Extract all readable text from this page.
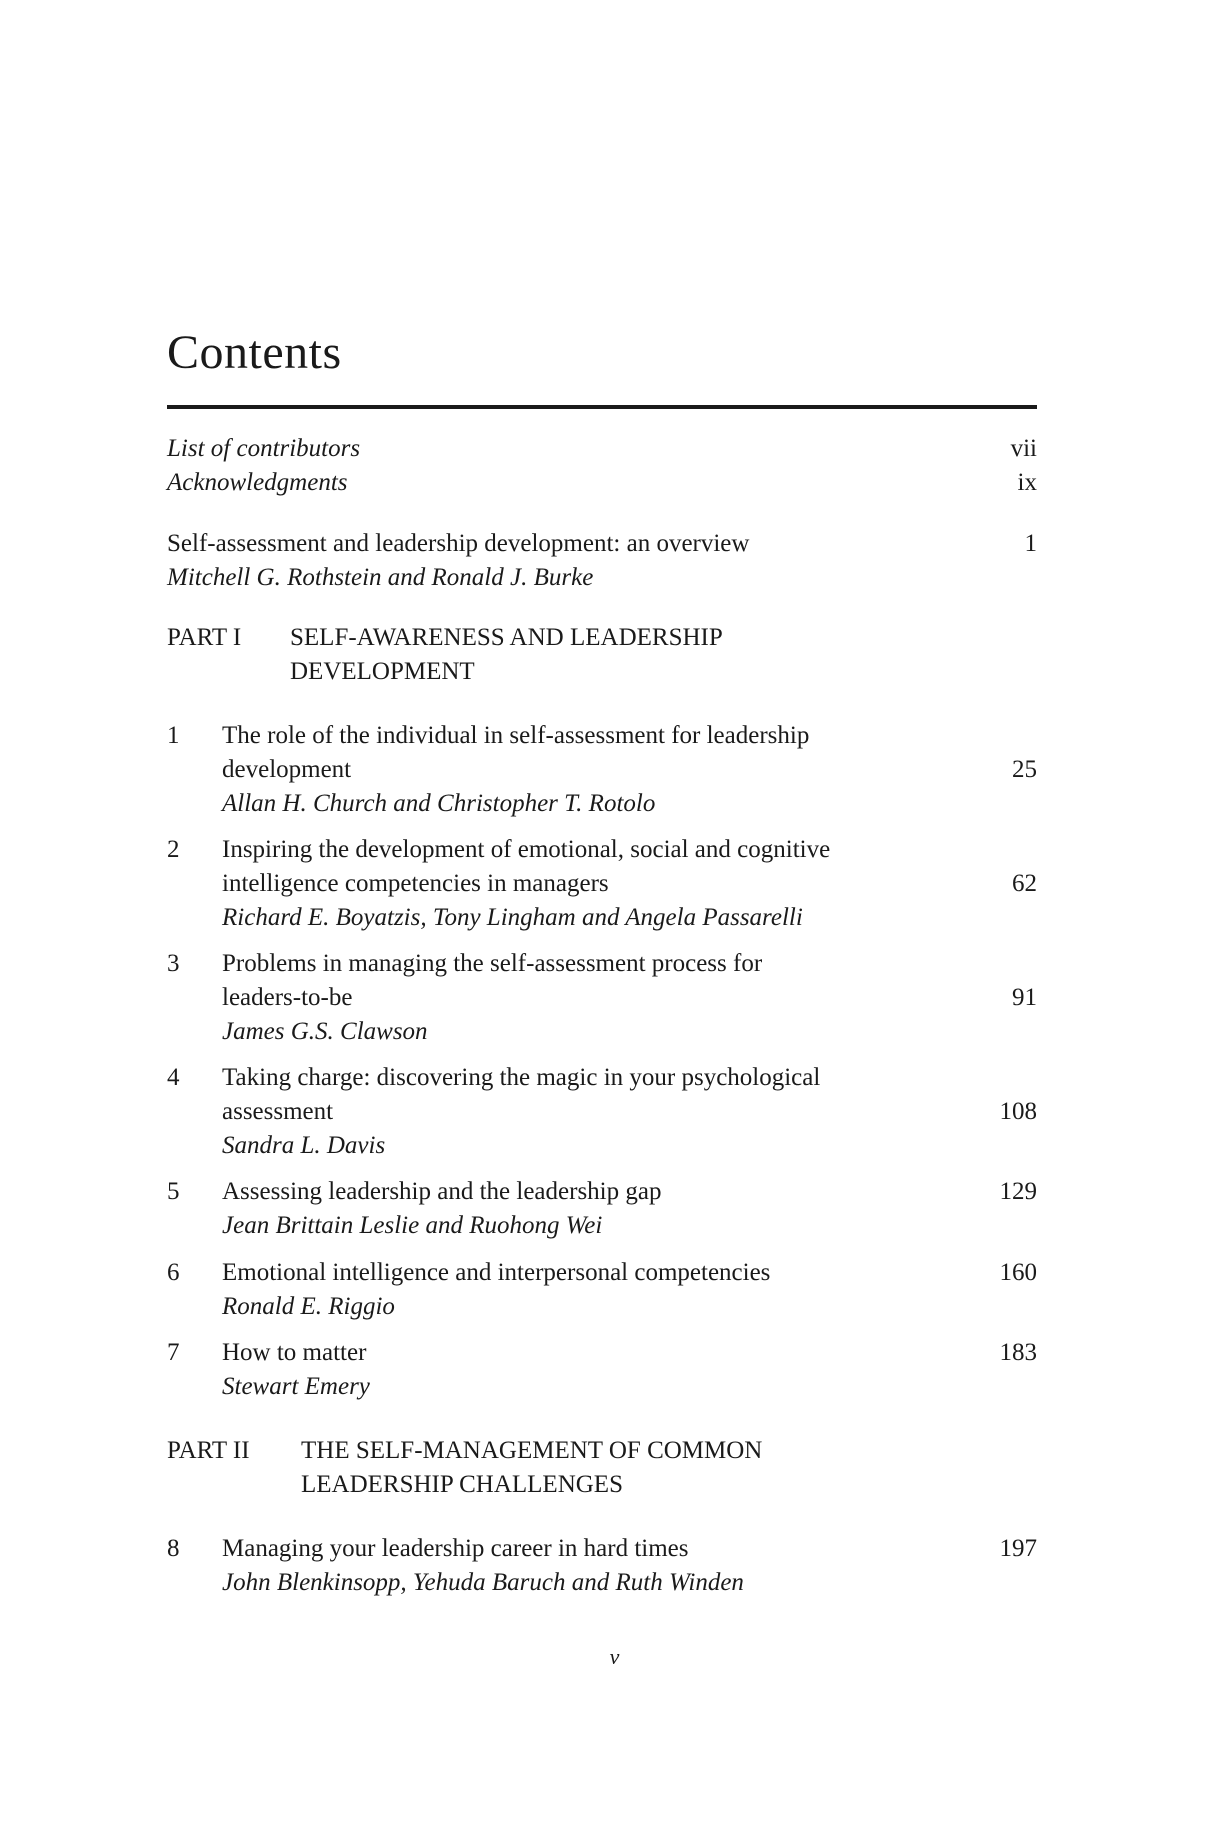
Contents
List of contributors	vii
Acknowledgments	ix
Self-assessment and leadership development: an overview	1
Mitchell G. Rothstein and Ronald J. Burke
PART I SELF-AWARENESS AND LEADERSHIP
DEVELOPMENT
1 The role of the individual in self-assessment for leadership
development	25
Allan H. Church and Christopher T. Rotolo
2 Inspiring the development of emotional, social and cognitive
intelligence competencies in managers	62
Richard E. Boyatzis, Tony Lingham and Angela Passarelli
3 Problems in managing the self-assessment process for
leaders-to-be	91
James G.S. Clawson
4 Taking charge: discovering the magic in your psychological
assessment	108
Sandra L. Davis
5 Assessing leadership and the leadership gap	129
Jean Brittain Leslie and Ruohong Wei
6 Emotional intelligence and interpersonal competencies	160
Ronald E. Riggio
7 How to matter	183
Stewart Emery
PART II THE SELF-MANAGEMENT OF COMMON
LEADERSHIP CHALLENGES
8 Managing your leadership career in hard times	197
John Blenkinsopp, Yehuda Baruch and Ruth Winden
v
